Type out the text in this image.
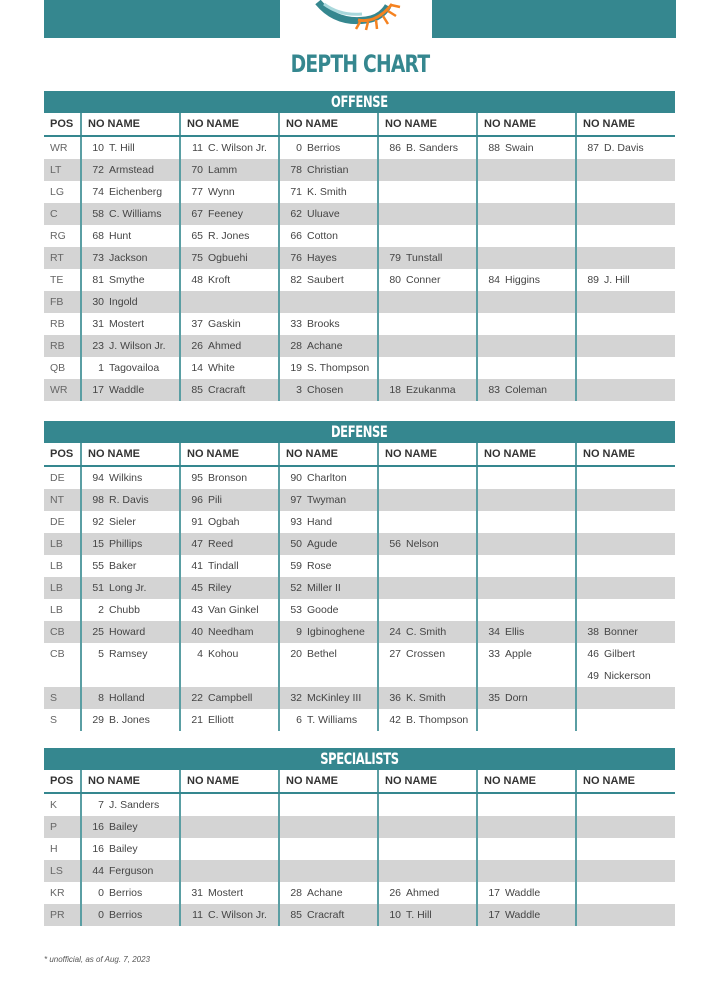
DEPTH CHART
OFFENSE
POS	NO NAME	NO NAME	NO NAME	NO NAME	NO NAME	NO NAME
WR	10 T. Hill	11 C. Wilson Jr.	0 Berrios	86 B. Sanders	88 Swain	87 D. Davis
LT	72 Armstead	70 Lamm	78 Christian			
LG	74 Eichenberg	77 Wynn	71 K. Smith			
C	58 C. Williams	67 Feeney	62 Uluave			
RG	68 Hunt	65 R. Jones	66 Cotton			
RT	73 Jackson	75 Ogbuehi	76 Hayes	79 Tunstall		
TE	81 Smythe	48 Kroft	82 Saubert	80 Conner	84 Higgins	89 J. Hill
FB	30 Ingold					
RB	31 Mostert	37 Gaskin	33 Brooks			
RB	23 J. Wilson Jr.	26 Ahmed	28 Achane			
QB	1 Tagovailoa	14 White	19 S. Thompson			
WR	17 Waddle	85 Cracraft	3 Chosen	18 Ezukanma	83 Coleman	
DEFENSE
POS	NO NAME	NO NAME	NO NAME	NO NAME	NO NAME	NO NAME
DE	94 Wilkins	95 Bronson	90 Charlton			
NT	98 R. Davis	96 Pili	97 Twyman			
DE	92 Sieler	91 Ogbah	93 Hand			
LB	15 Phillips	47 Reed	50 Agude	56 Nelson		
LB	55 Baker	41 Tindall	59 Rose			
LB	51 Long Jr.	45 Riley	52 Miller II			
LB	2 Chubb	43 Van Ginkel	53 Goode			
CB	25 Howard	40 Needham	9 Igbinoghene	24 C. Smith	34 Ellis	38 Bonner
CB	5 Ramsey	4 Kohou	20 Bethel	27 Crossen	33 Apple	46 Gilbert
						49 Nickerson
S	8 Holland	22 Campbell	32 McKinley III	36 K. Smith	35 Dorn	
S	29 B. Jones	21 Elliott	6 T. Williams	42 B. Thompson		
SPECIALISTS
POS	NO NAME	NO NAME	NO NAME	NO NAME	NO NAME	NO NAME
K	7 J. Sanders					
P	16 Bailey					
H	16 Bailey					
LS	44 Ferguson					
KR	0 Berrios	31 Mostert	28 Achane	26 Ahmed	17 Waddle	
PR	0 Berrios	11 C. Wilson Jr.	85 Cracraft	10 T. Hill	17 Waddle	
* unofficial, as of Aug. 7, 2023
